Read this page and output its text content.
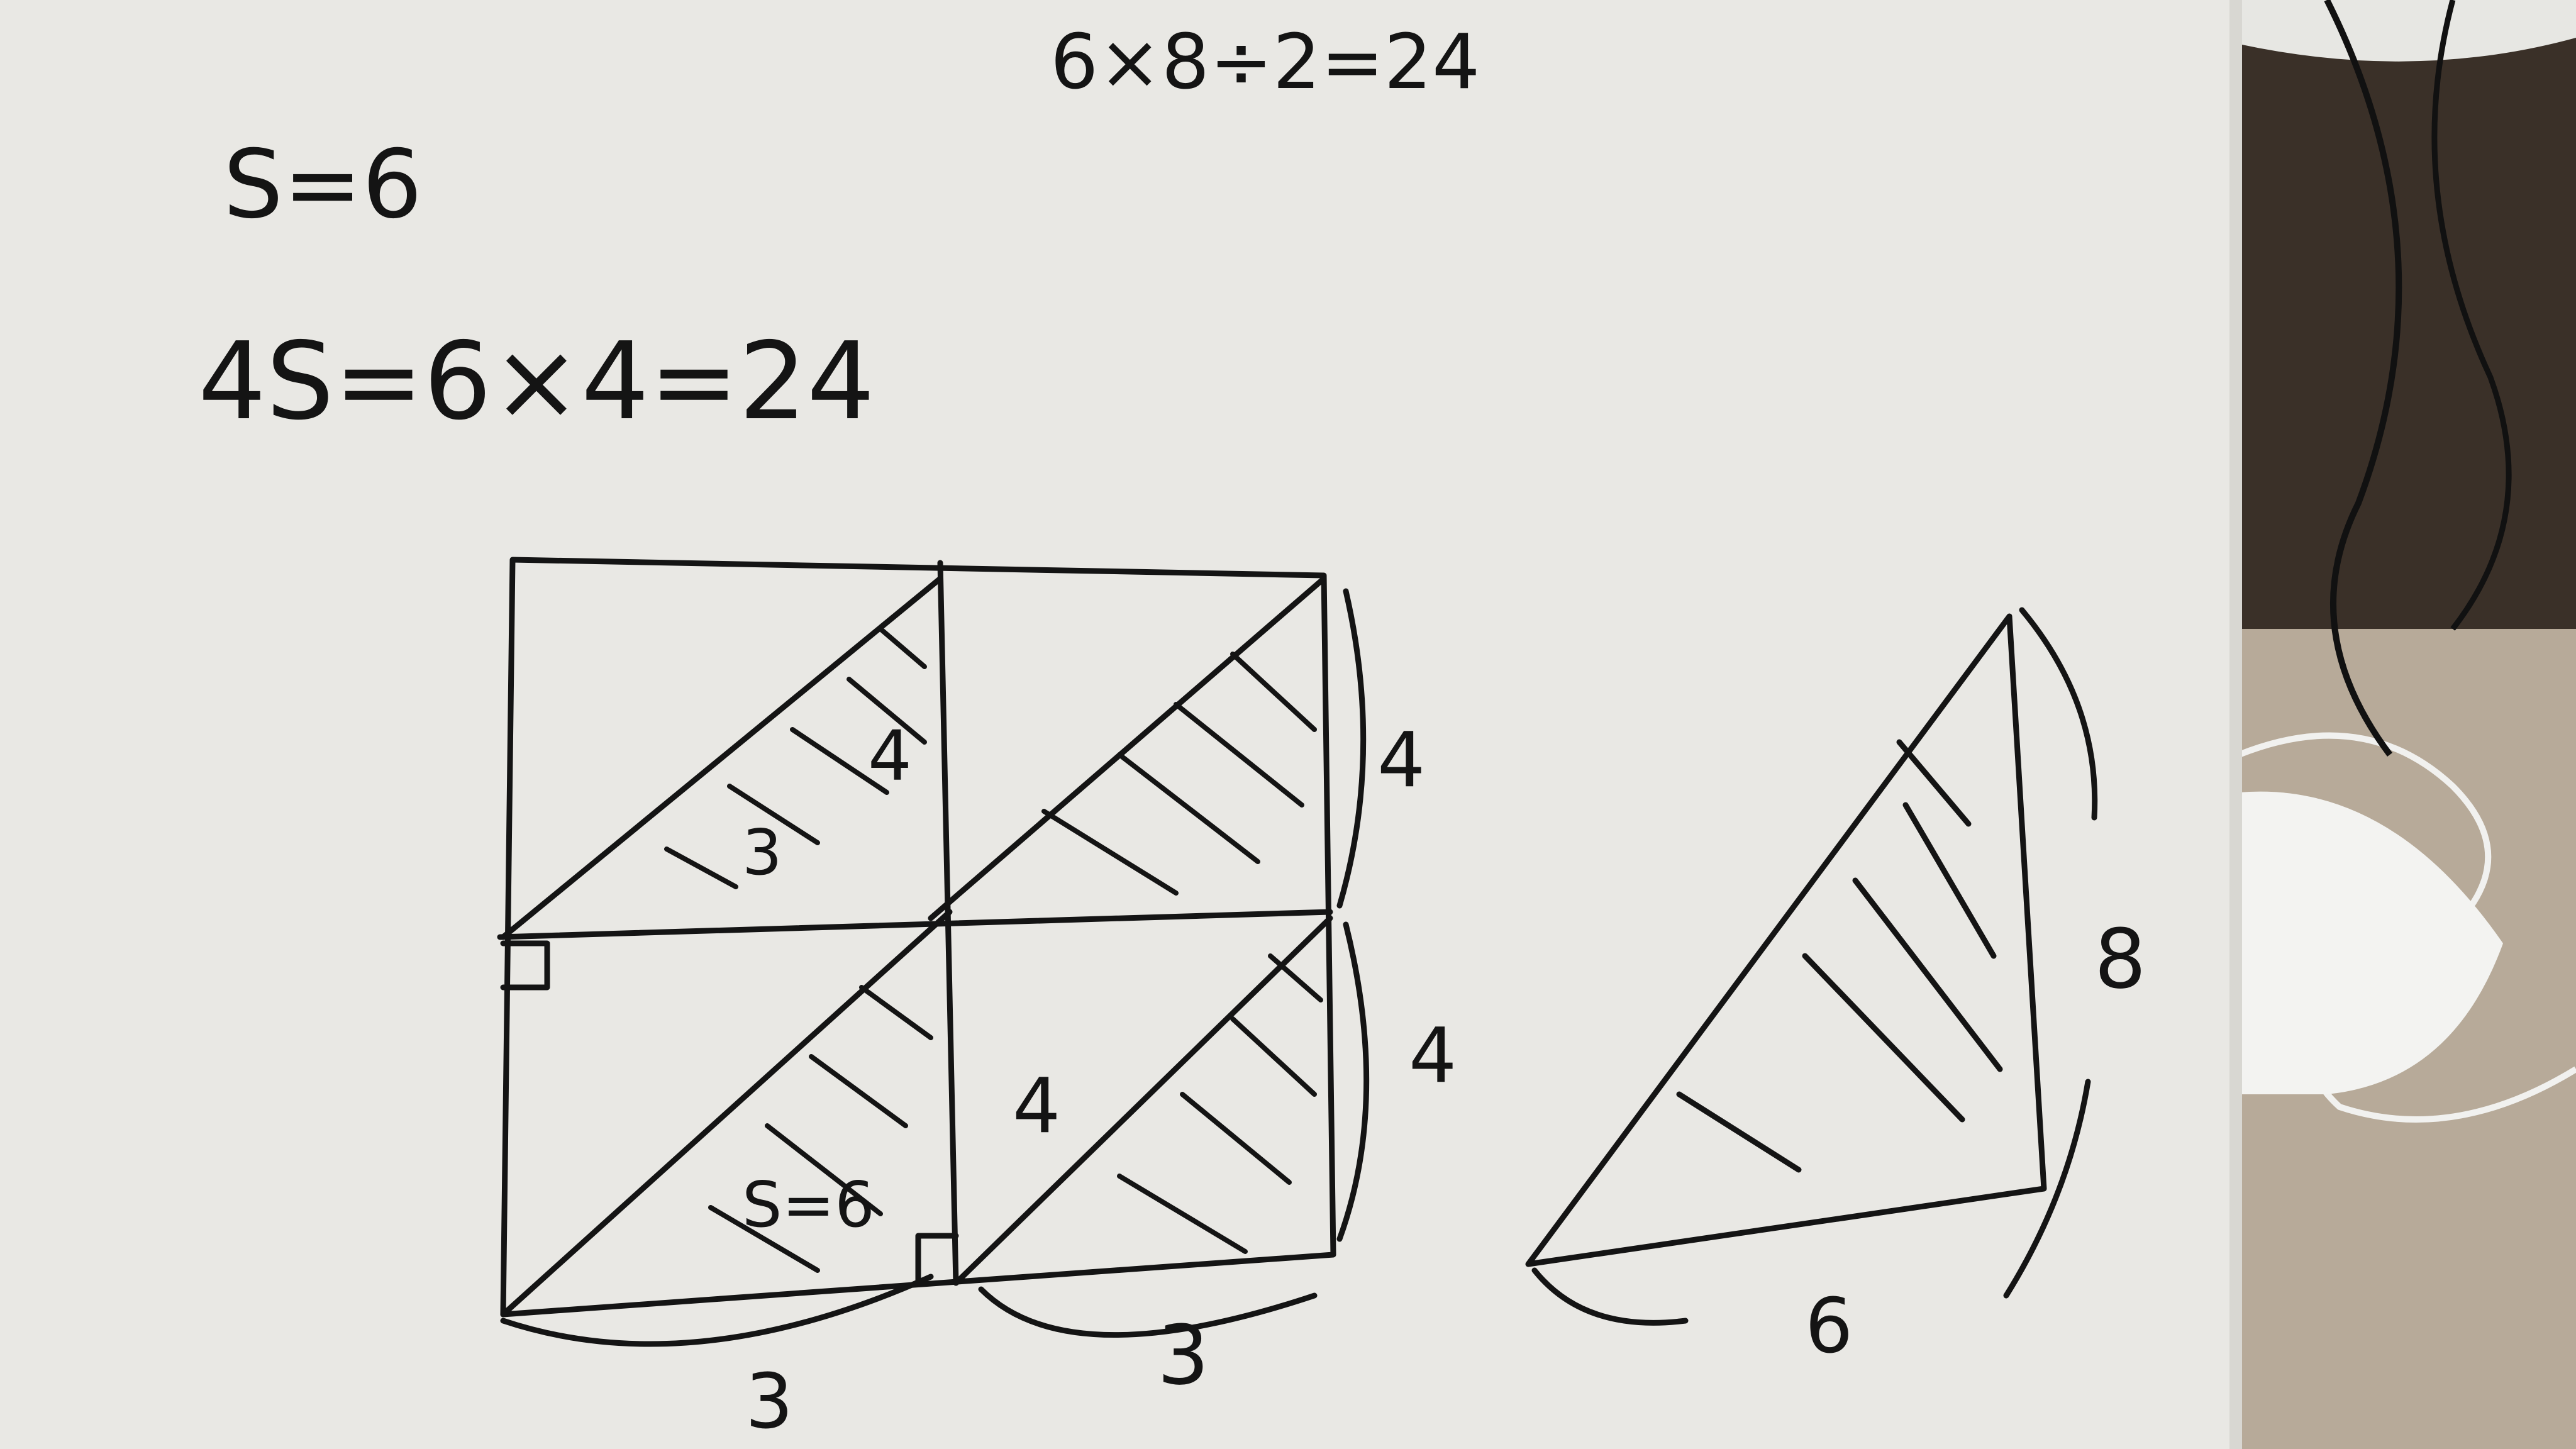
6×8÷2=24
S=6
4S=6×4=24
4
3
4
4
4
S=6
3	3
8
6
